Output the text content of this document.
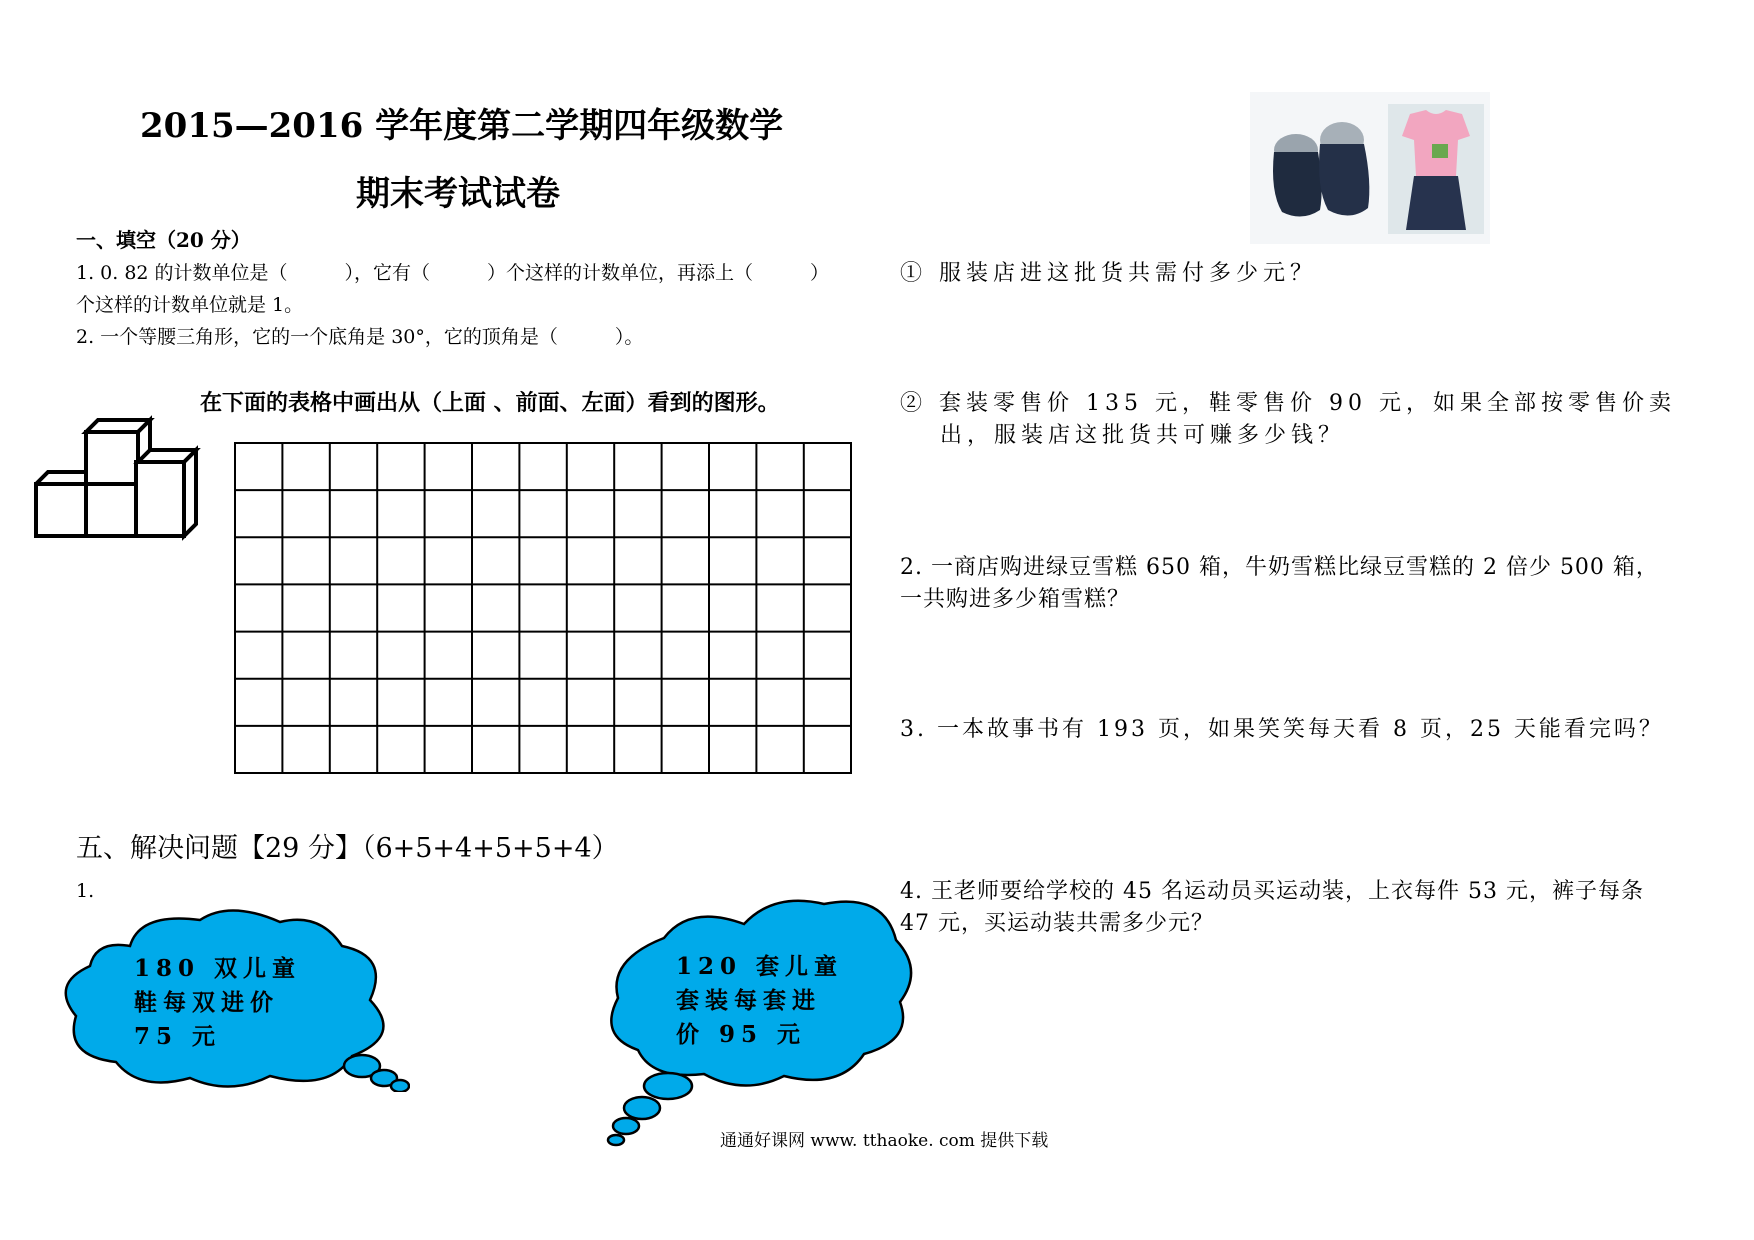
2015—2016 学年度第二学期四年级数学
期末考试试卷
一、填空（20 分）
1. 0. 82 的计数单位是（　　　），它有（　　　）个这样的计数单位，再添上（　　　）
个这样的计数单位就是 1。
2. 一个等腰三角形，它的一个底角是 30°，它的顶角是（　　　）。
在下面的表格中画出从（上面 、前面、左面）看到的图形。
五、解决问题【29 分】（6+5+4+5+5+4）
1.
180 双儿童鞋每双进价 75 元
120 套儿童套装每套进价 95 元
① 服装店进这批货共需付多少元？
② 套装零售价 135 元，鞋零售价 90 元，如果全部按零售价卖
出，服装店这批货共可赚多少钱？
2. 一商店购进绿豆雪糕 650 箱，牛奶雪糕比绿豆雪糕的 2 倍少 500 箱，
一共购进多少箱雪糕？
3. 一本故事书有 193 页，如果笑笑每天看 8 页，25 天能看完吗？
4. 王老师要给学校的 45 名运动员买运动装，上衣每件 53 元，裤子每条
47 元，买运动装共需多少元？
通通好课网 www. tthaoke. com 提供下载
